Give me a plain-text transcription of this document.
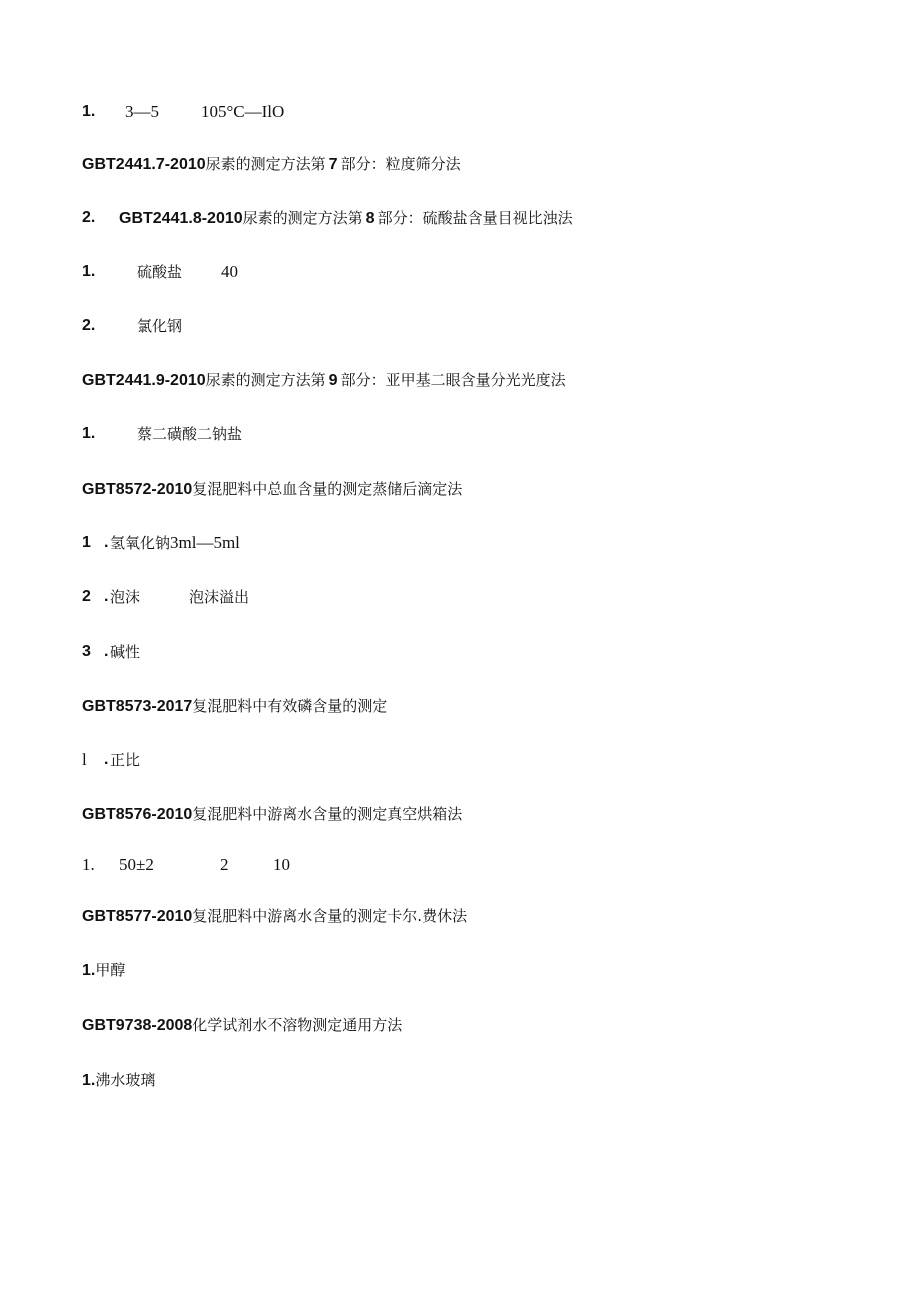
1. 3—5 105°C—IlO
GBT2441.7-2010尿素的测定方法第 7 部分：粒度筛分法
2. GBT2441.8-2010尿素的测定方法第 8 部分：硫酸盐含量目视比浊法
1.	硫酸盐 40
2.	氯化钢
GBT2441.9-2010尿素的测定方法第 9 部分：亚甲基二眼含量分光光度法
1.	蔡二磺酸二钠盐
GBT8572-2010复混肥料中总血含量的测定蒸储后滴定法
1 . 氢氧化钠3ml—5ml
2 . 泡沫	泡沫溢出
3 . 碱性
GBT8573-2017复混肥料中有效磷含量的测定
l . 正比
GBT8576-2010复混肥料中游离水含量的测定真空烘箱法
1. 50±2	2	10
GBT8577-2010复混肥料中游离水含量的测定卡尔.费休法
1.甲醇
GBT9738-2008化学试剂水不溶物测定通用方法
1.沸水玻璃
